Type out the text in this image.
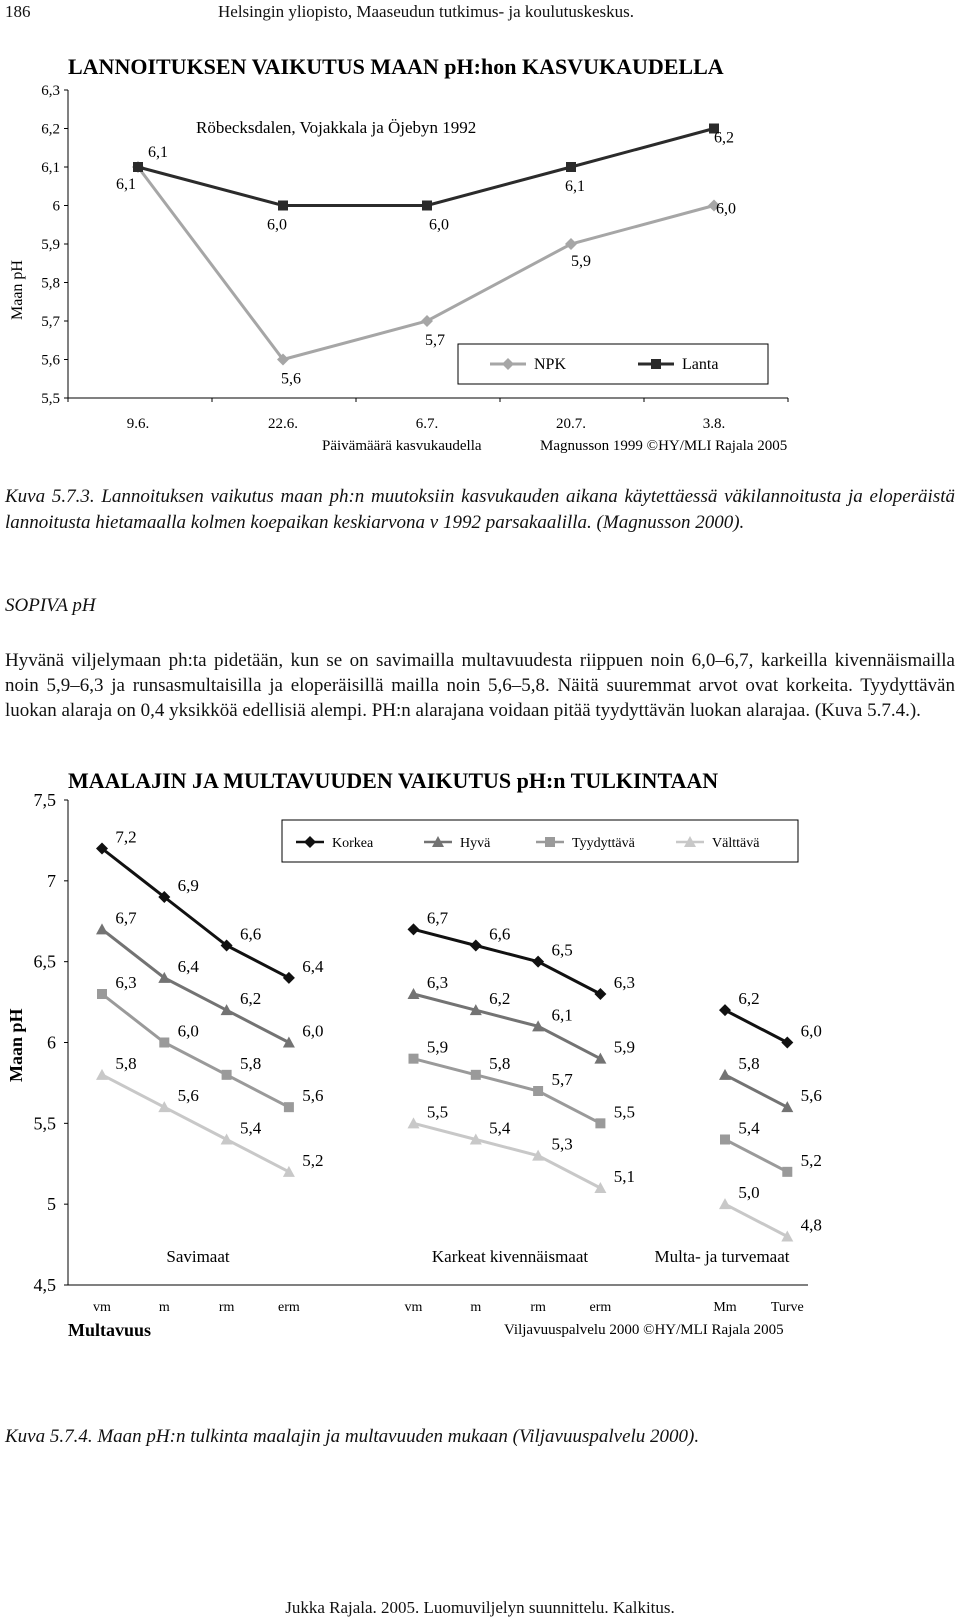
186	Helsingin yliopisto, Maaseudun tutkimus- ja koulutuskeskus.
LANNOITUKSEN VAIKUTUS MAAN pH:hon KASVUKAUDELLA
Röbecksdalen, Vojakkala ja Öjebyn 1992
Maan pH
Päivämäärä kasvukaudella	Magnusson 1999 ©HY/MLI Rajala 2005
5,5
5,6
5,7
5,8
5,9
6
6,1
6,2
6,3
9.6.	22.6.	6.7.	20.7.	3.8.
6,1
5,6
5,7
5,9
6,0
6,1
6,0	6,0
6,1
6,2
NPK	Lanta
Kuva 5.7.3. Lannoituksen vaikutus maan ph:n muutoksiin kasvukauden aikana käytettäessä väkilannoitusta ja eloperäistä lannoitusta hietamaalla kolmen koepaikan keskiarvona v 1992 parsakaalilla. (Magnusson 2000).
SOPIVA pH
Hyvänä viljelymaan ph:ta pidetään, kun se on savimailla multavuudesta riippuen noin 6,0–6,7, karkeilla kivennäismailla noin 5,9–6,3 ja runsasmultaisilla ja eloperäisillä mailla noin 5,6–5,8. Näitä suuremmat arvot ovat korkeita. Tyydyttävän luokan alaraja on 0,4 yksikköä edellisiä alempi. PH:n alarajana voidaan pitää tyydyttävän luokan alarajaa. (Kuva 5.7.4.).
MAALAJIN JA MULTAVUUDEN VAIKUTUS pH:n TULKINTAAN
Maan pH
Multavuus	Viljavuuspalvelu 2000 ©HY/MLI Rajala 2005
4,5
5
5,5
6
6,5
7
7,5
vm	m	rm	erm	vm	m	rm	erm	Mm Turve
Savimaat	Karkeat kivennäismaat	Multa- ja turvemaat
7,2
6,9
6,6
6,4
6,7
6,6
6,5
6,3
6,2
6,0
6,7
6,4
6,2
6,0
6,3
6,2
6,1
5,9
5,8
5,6
6,3
6,0
5,8
5,6
5,9
5,8
5,7
5,5
5,4
5,2
5,8
5,6
5,4
5,2
5,5
5,4
5,3
5,1
5,0
4,8
Korkea	Hyvä	Tyydyttävä	Välttävä
Kuva 5.7.4. Maan pH:n tulkinta maalajin ja multavuuden mukaan (Viljavuuspalvelu 2000).
Jukka Rajala. 2005. Luomuviljelyn suunnittelu. Kalkitus.
